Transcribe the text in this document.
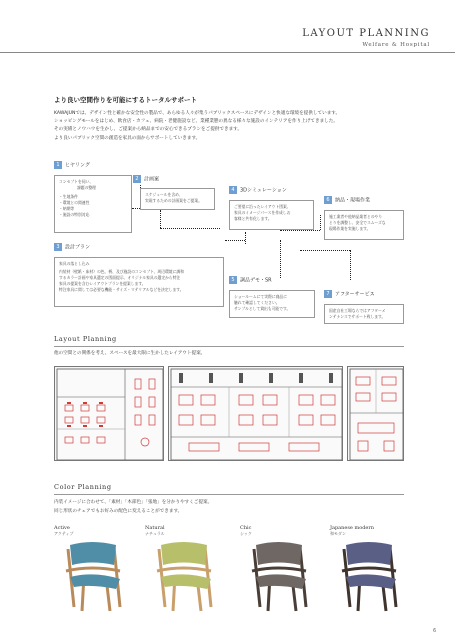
LAYOUT PLANNING
Welfare & Hospital
より良い空間作りを可能にするトータルサポート
KAWAJUNでは、デザイン性と確かな安全性の製品で、あらゆる人々が集うパブリックスペースにデザインと快適な環境を提供しています。
ショッピングモールをはじめ、飲食店・カフェ、病院・老健施設など、業種業態の異なる様々な施設のインテリアを作り上げてきました。
その実績とノウハウを生かし、ご提案から納品までの安心できるプランをご提供できます。
より良いパブリック空間の創造を家具の面からサポートしていきます。
1 ヒヤリング
コンセプトを伺い、
課題の整理
・生地条件
・環境との関連性
・納期等
・施設の特別対応
2 計画案
スケジュールを含め、
実現するための計画案をご提案。
3 設計プラン
家具の落とし込み
内装材（壁紙・床材）の色、柄、及び施設のコンセプト、周辺環境に調和
するカラー計画や家具選定の図面提示、オリジナル家具の選定から特注
家具の提案を含むレイアウトプランを提案します。
特注家具に関しては必要な機能・サイズ・マテリアルなどを決定します。
4 3Dシミュレーション
ご要望に沿ったレイアウト図案、
家具のイメージパースを作成しお
客様と共有化します。
5 調品デモ・SR
ショールームにて実際に商品に
触れて確認してください。
サンプルとして貸出も可能です。
6 納品・現場作業
施工業者や他納品業者とのやり
とりを調整し、安全でスムーズな
現場作業を実施します。
7 アフターサービス
国産自社工場ならではアフターメ
ンテナンスでサポート致します。
Layout Planning
他の空間との関係を考え、スペースを最大限に生かしたレイアウト提案。
Color Planning
内装イメージに合わせて、「素材」「木部色」「張地」を分かりやすくご提案。
同じ形状のチェアでもお好みの配色に変えることができます。
Active
アクティブ
Natural
ナチュラル
Chic
シック
Japanese modern
和モダン
6
